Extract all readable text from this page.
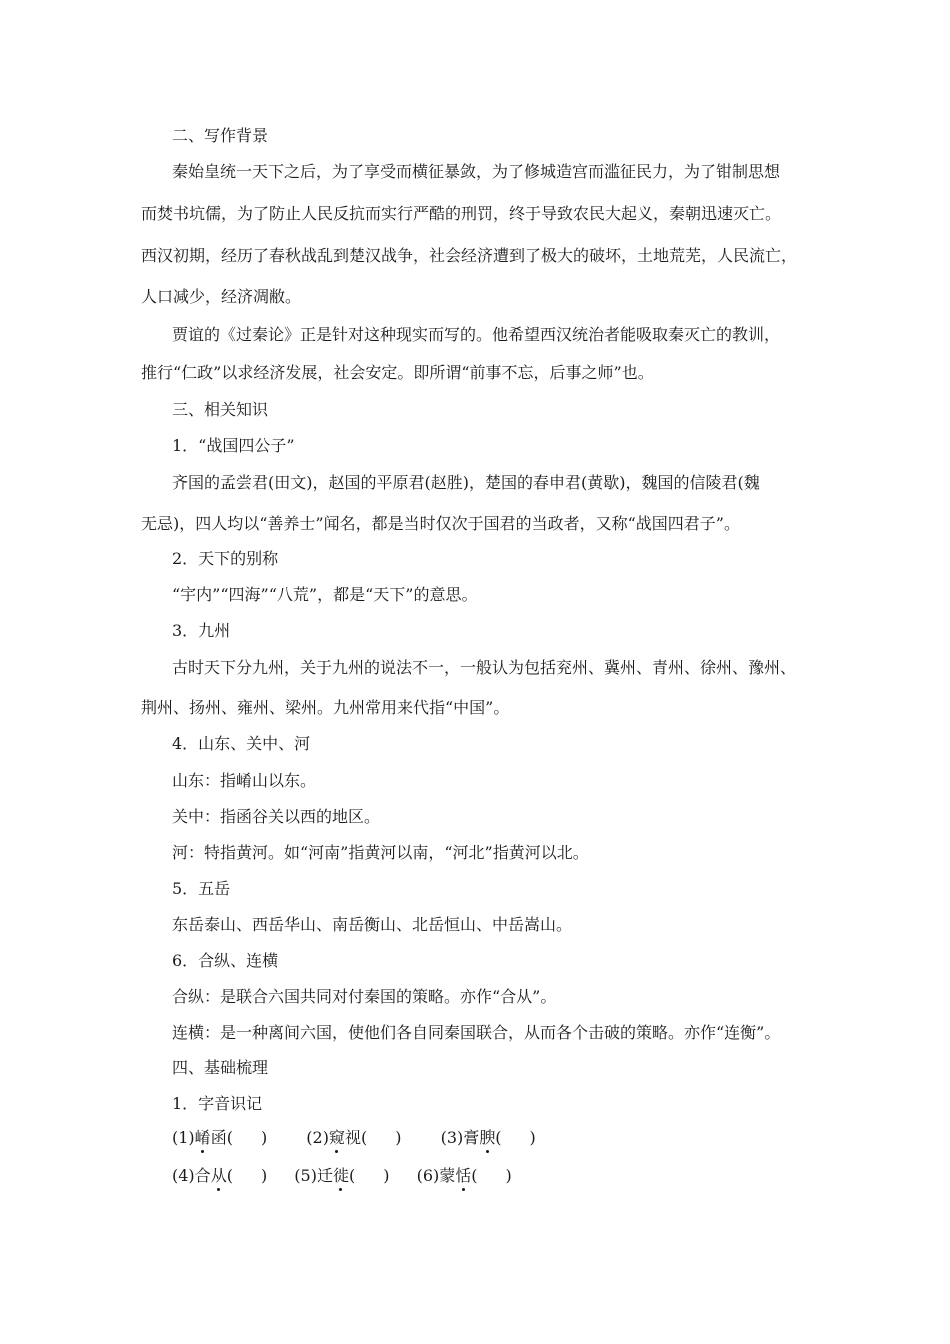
二、写作背景
秦始皇统一天下之后，为了享受而横征暴敛，为了修城造宫而滥征民力，为了钳制思想
而焚书坑儒，为了防止人民反抗而实行严酷的刑罚，终于导致农民大起义，秦朝迅速灭亡。
西汉初期，经历了春秋战乱到楚汉战争，社会经济遭到了极大的破坏，土地荒芜，人民流亡，
人口减少，经济凋敝。
贾谊的《过秦论》正是针对这种现实而写的。他希望西汉统治者能吸取秦灭亡的教训，
推行“仁政”以求经济发展，社会安定。即所谓“前事不忘，后事之师”也。
三、相关知识
1．“战国四公子”
齐国的孟尝君(田文)，赵国的平原君(赵胜)，楚国的春申君(黄歇)，魏国的信陵君(魏
无忌)，四人均以“善养士”闻名，都是当时仅次于国君的当政者，又称“战国四君子”。
2．天下的别称
“宇内”“四海”“八荒”，都是“天下”的意思。
3．九州
古时天下分九州，关于九州的说法不一，一般认为包括兖州、冀州、青州、徐州、豫州、
荆州、扬州、雍州、梁州。九州常用来代指“中国”。
4．山东、关中、河
山东：指崤山以东。
关中：指函谷关以西的地区。
河：特指黄河。如“河南”指黄河以南，“河北”指黄河以北。
5．五岳
东岳泰山、西岳华山、南岳衡山、北岳恒山、中岳嵩山。
6．合纵、连横
合纵：是联合六国共同对付秦国的策略。亦作“合从”。
连横：是一种离间六国，使他们各自同秦国联合，从而各个击破的策略。亦作“连衡”。
四、基础梳理
1．字音识记
(1)崤函( ) (2)窥视( ) (3)膏腴( )
(4)合从( ) (5)迁徙( ) (6)蒙恬( )
